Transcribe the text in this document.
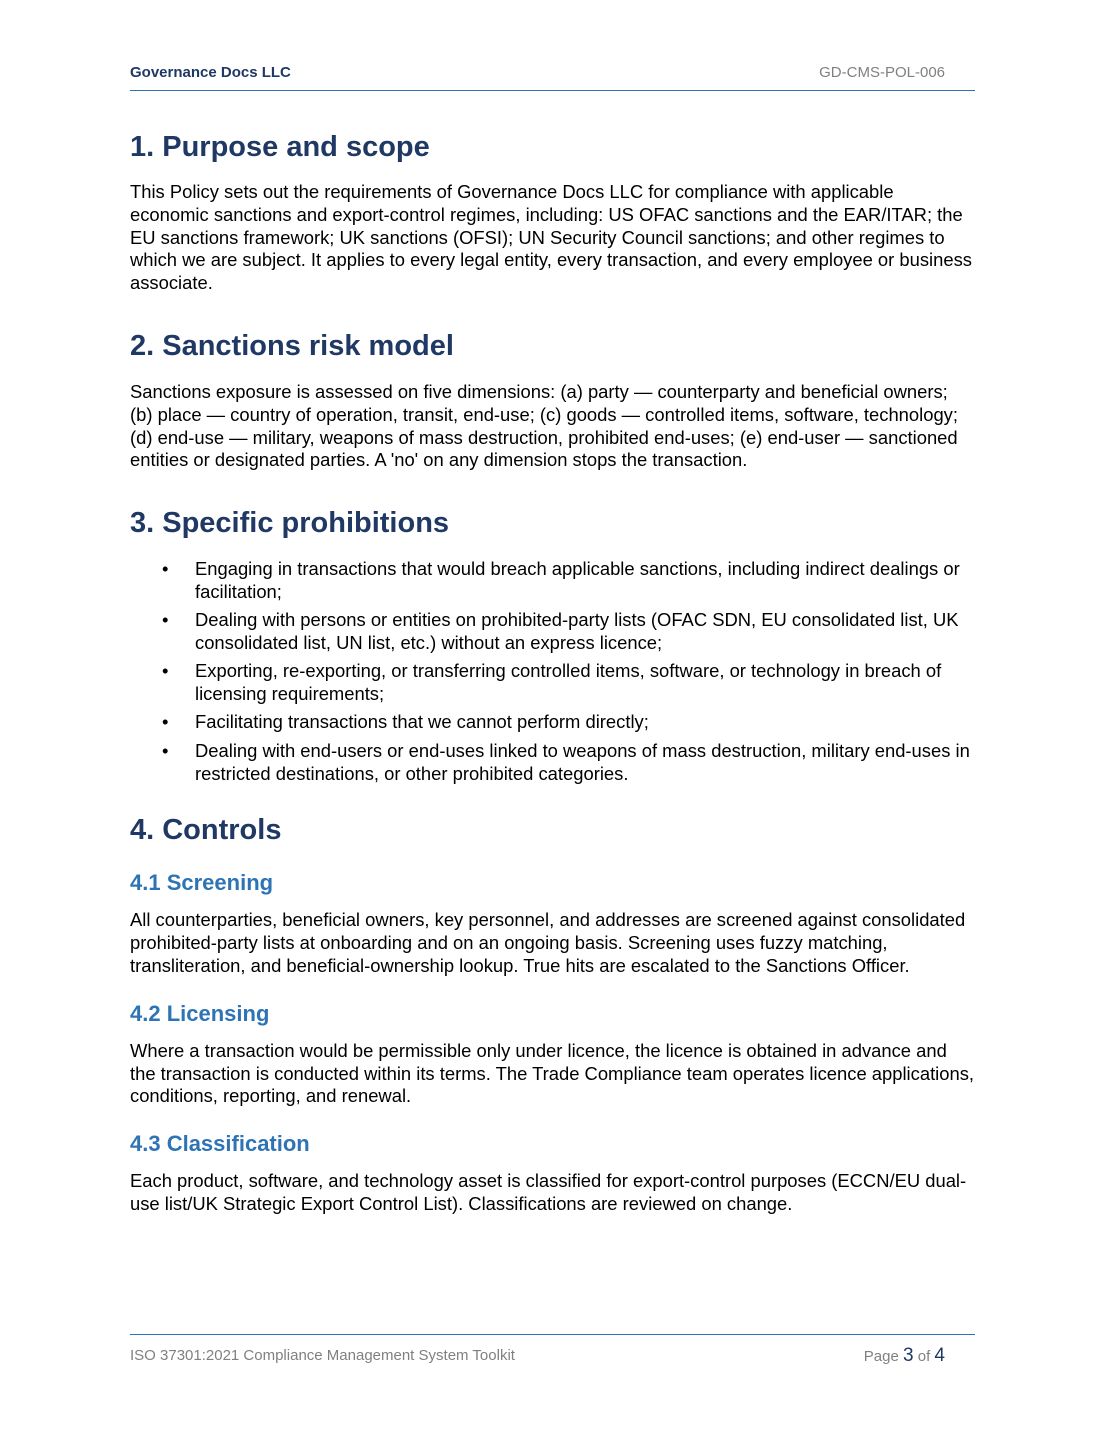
Governance Docs LLC	GD-CMS-POL-006
1. Purpose and scope

This Policy sets out the requirements of Governance Docs LLC for compliance with applicable economic sanctions and export-control regimes, including: US OFAC sanctions and the EAR/ITAR; the EU sanctions framework; UK sanctions (OFSI); UN Security Council sanctions; and other regimes to which we are subject. It applies to every legal entity, every transaction, and every employee or business associate.

2. Sanctions risk model

Sanctions exposure is assessed on five dimensions: (a) party — counterparty and beneficial owners; (b) place — country of operation, transit, end-use; (c) goods — controlled items, software, technology; (d) end-use — military, weapons of mass destruction, prohibited end-uses; (e) end-user — sanctioned entities or designated parties. A 'no' on any dimension stops the transaction.

3. Specific prohibitions
• Engaging in transactions that would breach applicable sanctions, including indirect dealings or facilitation;
• Dealing with persons or entities on prohibited-party lists (OFAC SDN, EU consolidated list, UK consolidated list, UN list, etc.) without an express licence;
• Exporting, re-exporting, or transferring controlled items, software, or technology in breach of licensing requirements;
• Facilitating transactions that we cannot perform directly;
• Dealing with end-users or end-uses linked to weapons of mass destruction, military end-uses in restricted destinations, or other prohibited categories.
4. Controls
4.1 Screening

All counterparties, beneficial owners, key personnel, and addresses are screened against consolidated prohibited-party lists at onboarding and on an ongoing basis. Screening uses fuzzy matching, transliteration, and beneficial-ownership lookup. True hits are escalated to the Sanctions Officer.

4.2 Licensing

Where a transaction would be permissible only under licence, the licence is obtained in advance and the transaction is conducted within its terms. The Trade Compliance team operates licence applications, conditions, reporting, and renewal.

4.3 Classification

Each product, software, and technology asset is classified for export-control purposes (ECCN/EU dual-use list/UK Strategic Export Control List). Classifications are reviewed on change.

ISO 37301:2021 Compliance Management System Toolkit	Page 3 of 4
